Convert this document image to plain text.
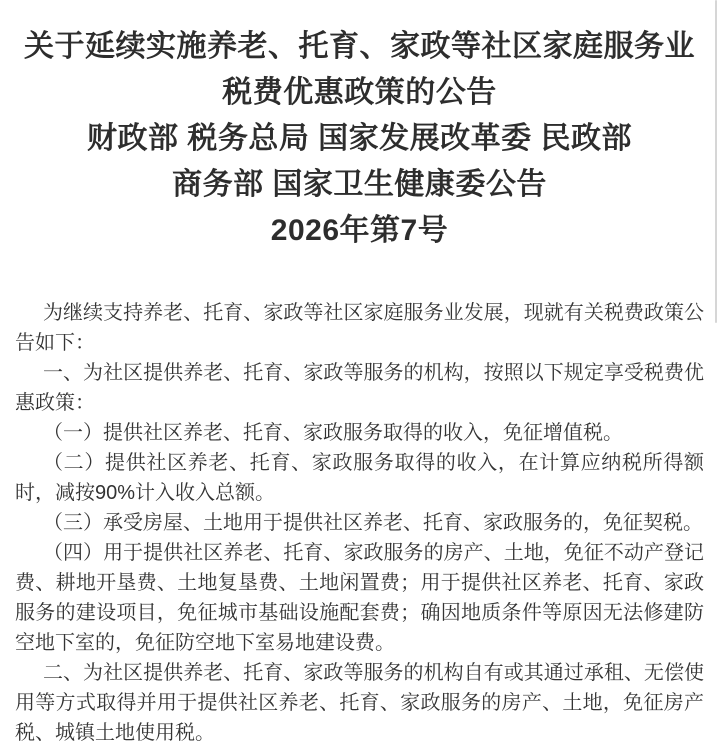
关于延续实施养老、托育、家政等社区家庭服务业
税费优惠政策的公告
财政部 税务总局 国家发展改革委 民政部
商务部 国家卫生健康委公告
2026年第7号

为继续支持养老、托育、家政等社区家庭服务业发展，现就有关税费政策公告如下：

一、为社区提供养老、托育、家政等服务的机构，按照以下规定享受税费优惠政策：

（一）提供社区养老、托育、家政服务取得的收入，免征增值税。

（二）提供社区养老、托育、家政服务取得的收入，在计算应纳税所得额时，减按90%计入收入总额。

（三）承受房屋、土地用于提供社区养老、托育、家政服务的，免征契税。

（四）用于提供社区养老、托育、家政服务的房产、土地，免征不动产登记费、耕地开垦费、土地复垦费、土地闲置费；用于提供社区养老、托育、家政服务的建设项目，免征城市基础设施配套费；确因地质条件等原因无法修建防空地下室的，免征防空地下室易地建设费。

二、为社区提供养老、托育、家政等服务的机构自有或其通过承租、无偿使用等方式取得并用于提供社区养老、托育、家政服务的房产、土地，免征房产税、城镇土地使用税。
